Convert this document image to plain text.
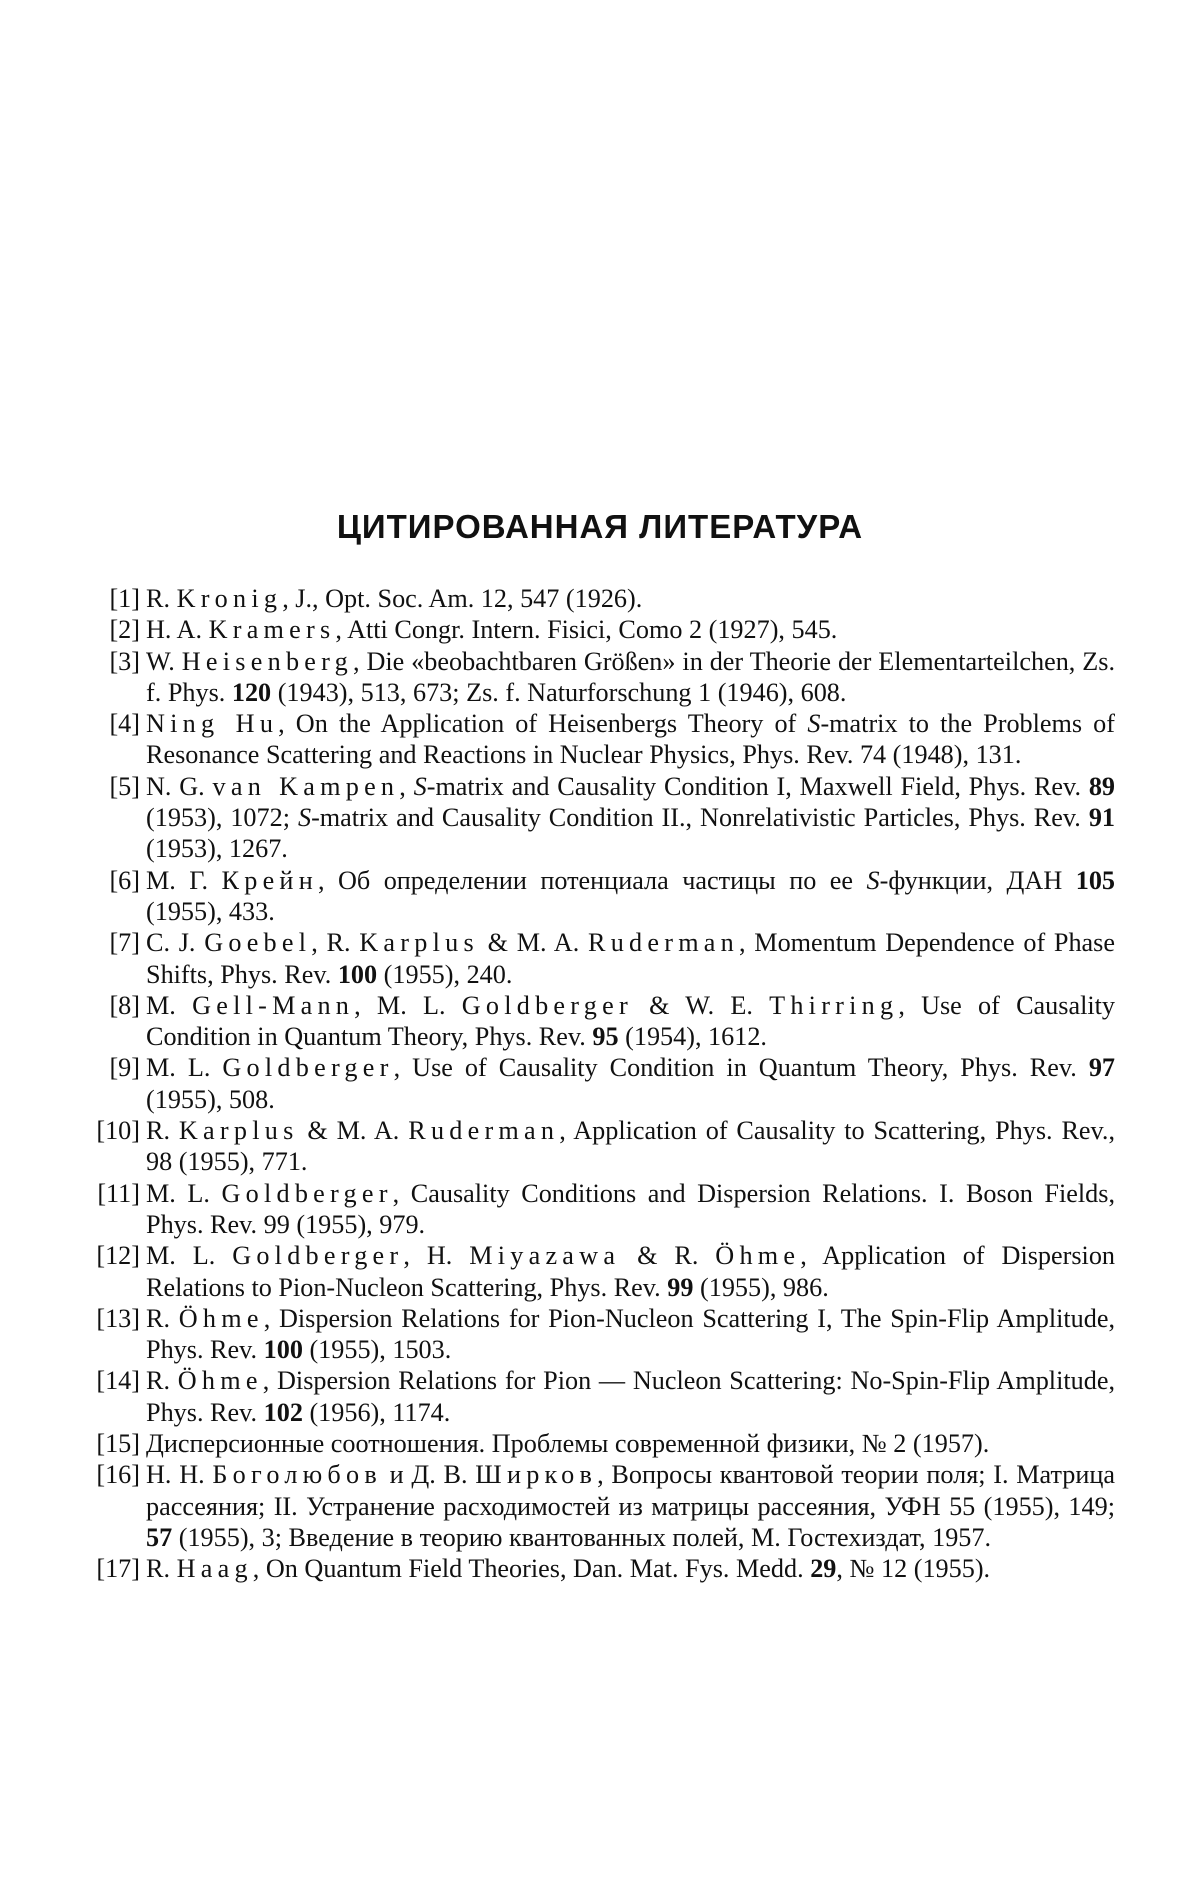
ЦИТИРОВАННАЯ ЛИТЕРАТУРА
[1] R. Kronig, J., Opt. Soc. Am. 12, 547 (1926).
[2] H. A. Kramers, Atti Congr. Intern. Fisici, Como 2 (1927), 545.
[3] W. Heisenberg, Die «beobachtbaren Größen» in der Theorie der Elementarteilchen, Zs. f. Phys. 120 (1943), 513, 673; Zs. f. Naturforschung 1 (1946), 608.
[4] Ning Hu, On the Application of Heisenbergs Theory of S-matrix to the Problems of Resonance Scattering and Reactions in Nuclear Physics, Phys. Rev. 74 (1948), 131.
[5] N. G. van Kampen, S-matrix and Causality Condition I, Maxwell Field, Phys. Rev. 89 (1953), 1072; S-matrix and Causality Condition II., Nonrelativistic Particles, Phys. Rev. 91 (1953), 1267.
[6] М. Г. Крейн, Об определении потенциала частицы по ее S-функции, ДАН 105 (1955), 433.
[7] C. J. Goebel, R. Karplus & M. A. Ruderman, Momentum Dependence of Phase Shifts, Phys. Rev. 100 (1955), 240.
[8] M. Gell-Mann, M. L. Goldberger & W. E. Thirring, Use of Causality Condition in Quantum Theory, Phys. Rev. 95 (1954), 1612.
[9] M. L. Goldberger, Use of Causality Condition in Quantum Theory, Phys. Rev. 97 (1955), 508.
[10] R. Karplus & M. A. Ruderman, Application of Causality to Scattering, Phys. Rev., 98 (1955), 771.
[11] M. L. Goldberger, Causality Conditions and Dispersion Relations. I. Boson Fields, Phys. Rev. 99 (1955), 979.
[12] M. L. Goldberger, H. Miyazawa & R. Öhme, Application of Dispersion Relations to Pion-Nucleon Scattering, Phys. Rev. 99 (1955), 986.
[13] R. Öhme, Dispersion Relations for Pion-Nucleon Scattering I, The Spin-Flip Amplitude, Phys. Rev. 100 (1955), 1503.
[14] R. Öhme, Dispersion Relations for Pion — Nucleon Scattering: No-Spin-Flip Amplitude, Phys. Rev. 102 (1956), 1174.
[15] Дисперсионные соотношения. Проблемы современной физики, № 2 (1957).
[16] Н. Н. Боголюбов и Д. В. Ширков, Вопросы квантовой теории поля; I. Матрица рассеяния; II. Устранение расходимостей из матрицы рассеяния, УФН 55 (1955), 149; 57 (1955), 3; Введение в теорию квантованных полей, М. Гостехиздат, 1957.
[17] R. Haag, On Quantum Field Theories, Dan. Mat. Fys. Medd. 29, № 12 (1955).
